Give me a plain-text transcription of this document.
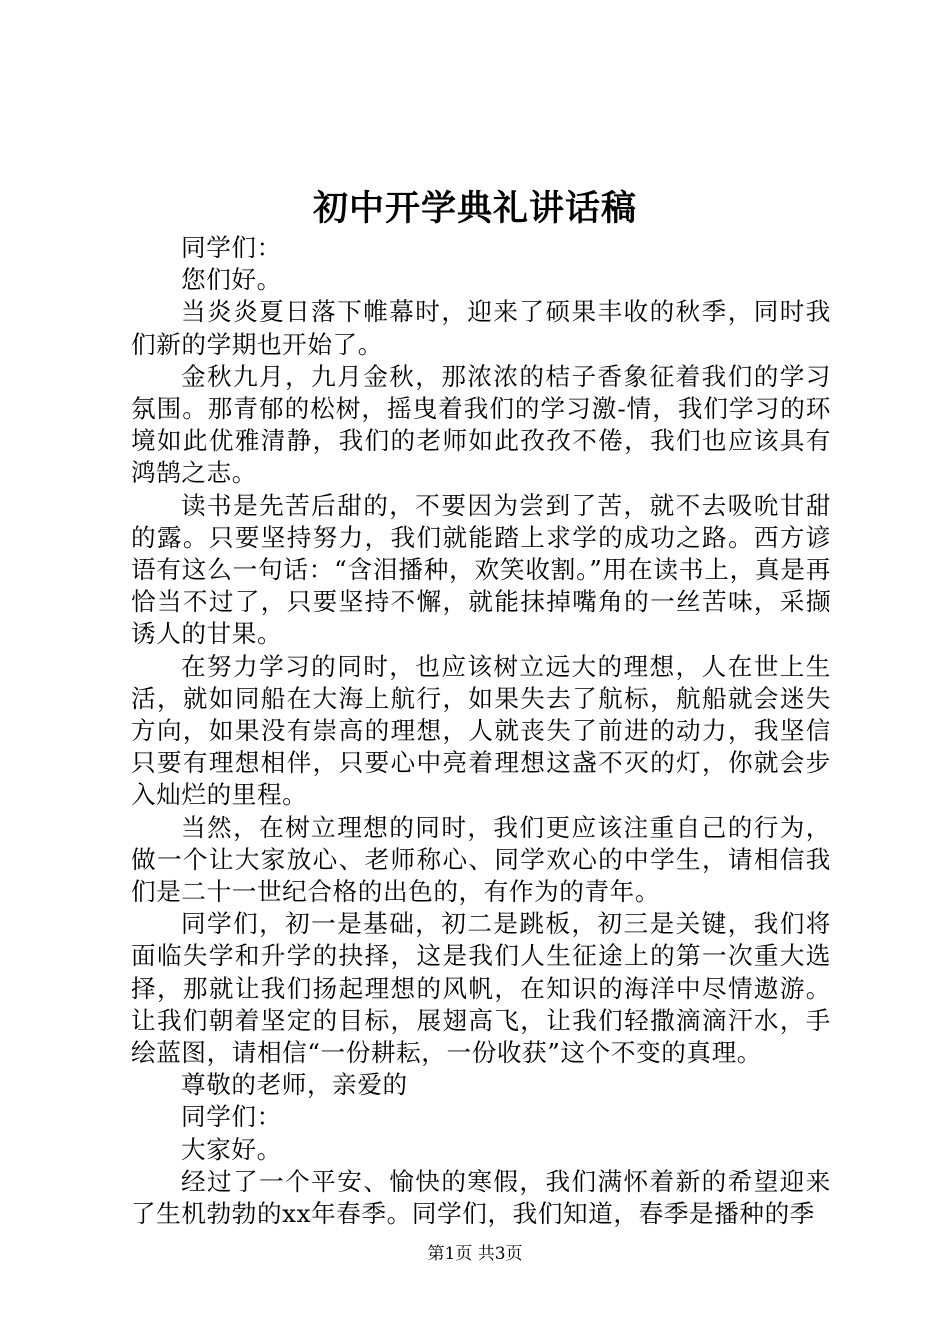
初中开学典礼讲话稿

同学们：

您们好。

当炎炎夏日落下帷幕时，迎来了硕果丰收的秋季，同时我们新的学期也开始了。

金秋九月，九月金秋，那浓浓的桔子香象征着我们的学习氛围。那青郁的松树，摇曳着我们的学习激-情，我们学习的环境如此优雅清静，我们的老师如此孜孜不倦，我们也应该具有鸿鹄之志。

读书是先苦后甜的，不要因为尝到了苦，就不去吸吮甘甜的露。只要坚持努力，我们就能踏上求学的成功之路。西方谚语有这么一句话：“含泪播种，欢笑收割。”用在读书上，真是再恰当不过了，只要坚持不懈，就能抹掉嘴角的一丝苦味，采撷诱人的甘果。

在努力学习的同时，也应该树立远大的理想，人在世上生活，就如同船在大海上航行，如果失去了航标，航船就会迷失方向，如果没有崇高的理想，人就丧失了前进的动力，我坚信只要有理想相伴，只要心中亮着理想这盏不灭的灯，你就会步入灿烂的里程。

当然，在树立理想的同时，我们更应该注重自己的行为，做一个让大家放心、老师称心、同学欢心的中学生，请相信我们是二十一世纪合格的出色的，有作为的青年。

同学们，初一是基础，初二是跳板，初三是关键，我们将面临失学和升学的抉择，这是我们人生征途上的第一次重大选择，那就让我们扬起理想的风帆，在知识的海洋中尽情遨游。让我们朝着坚定的目标，展翅高飞，让我们轻撒滴滴汗水，手绘蓝图，请相信“一份耕耘，一份收获”这个不变的真理。

尊敬的老师，亲爱的

同学们：

大家好。

经过了一个平安、愉快的寒假，我们满怀着新的希望迎来了生机勃勃的xx年春季。同学们，我们知道，春季是播种的季

第1页 共3页
